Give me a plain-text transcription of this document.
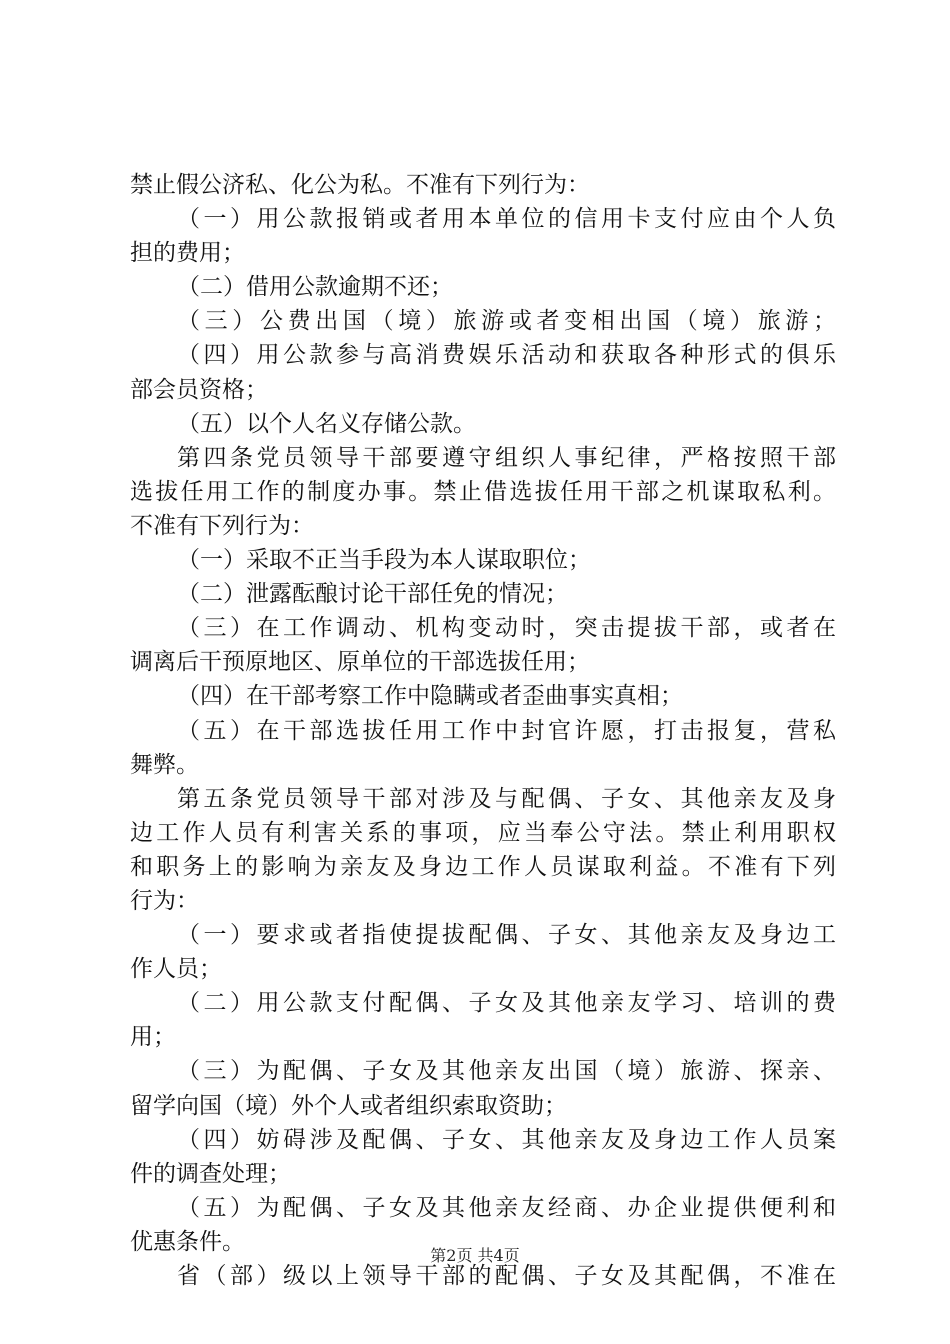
禁止假公济私、化公为私。不准有下列行为：
（一）用公款报销或者用本单位的信用卡支付应由个人负
担的费用；
（二）借用公款逾期不还；
（三）公费出国（境）旅游或者变相出国（境）旅游；
（四）用公款参与高消费娱乐活动和获取各种形式的俱乐
部会员资格；
（五）以个人名义存储公款。
第四条党员领导干部要遵守组织人事纪律，严格按照干部
选拔任用工作的制度办事。禁止借选拔任用干部之机谋取私利。
不准有下列行为：
（一）采取不正当手段为本人谋取职位；
（二）泄露酝酿讨论干部任免的情况；
（三）在工作调动、机构变动时，突击提拔干部，或者在
调离后干预原地区、原单位的干部选拔任用；
（四）在干部考察工作中隐瞒或者歪曲事实真相；
（五）在干部选拔任用工作中封官许愿，打击报复，营私
舞弊。
第五条党员领导干部对涉及与配偶、子女、其他亲友及身
边工作人员有利害关系的事项，应当奉公守法。禁止利用职权
和职务上的影响为亲友及身边工作人员谋取利益。不准有下列
行为：
（一）要求或者指使提拔配偶、子女、其他亲友及身边工
作人员；
（二）用公款支付配偶、子女及其他亲友学习、培训的费
用；
（三）为配偶、子女及其他亲友出国（境）旅游、探亲、
留学向国（境）外个人或者组织索取资助；
（四）妨碍涉及配偶、子女、其他亲友及身边工作人员案
件的调查处理；
（五）为配偶、子女及其他亲友经商、办企业提供便利和
优惠条件。
省（部）级以上领导干部的配偶、子女及其配偶，不准在
第2页 共4页
